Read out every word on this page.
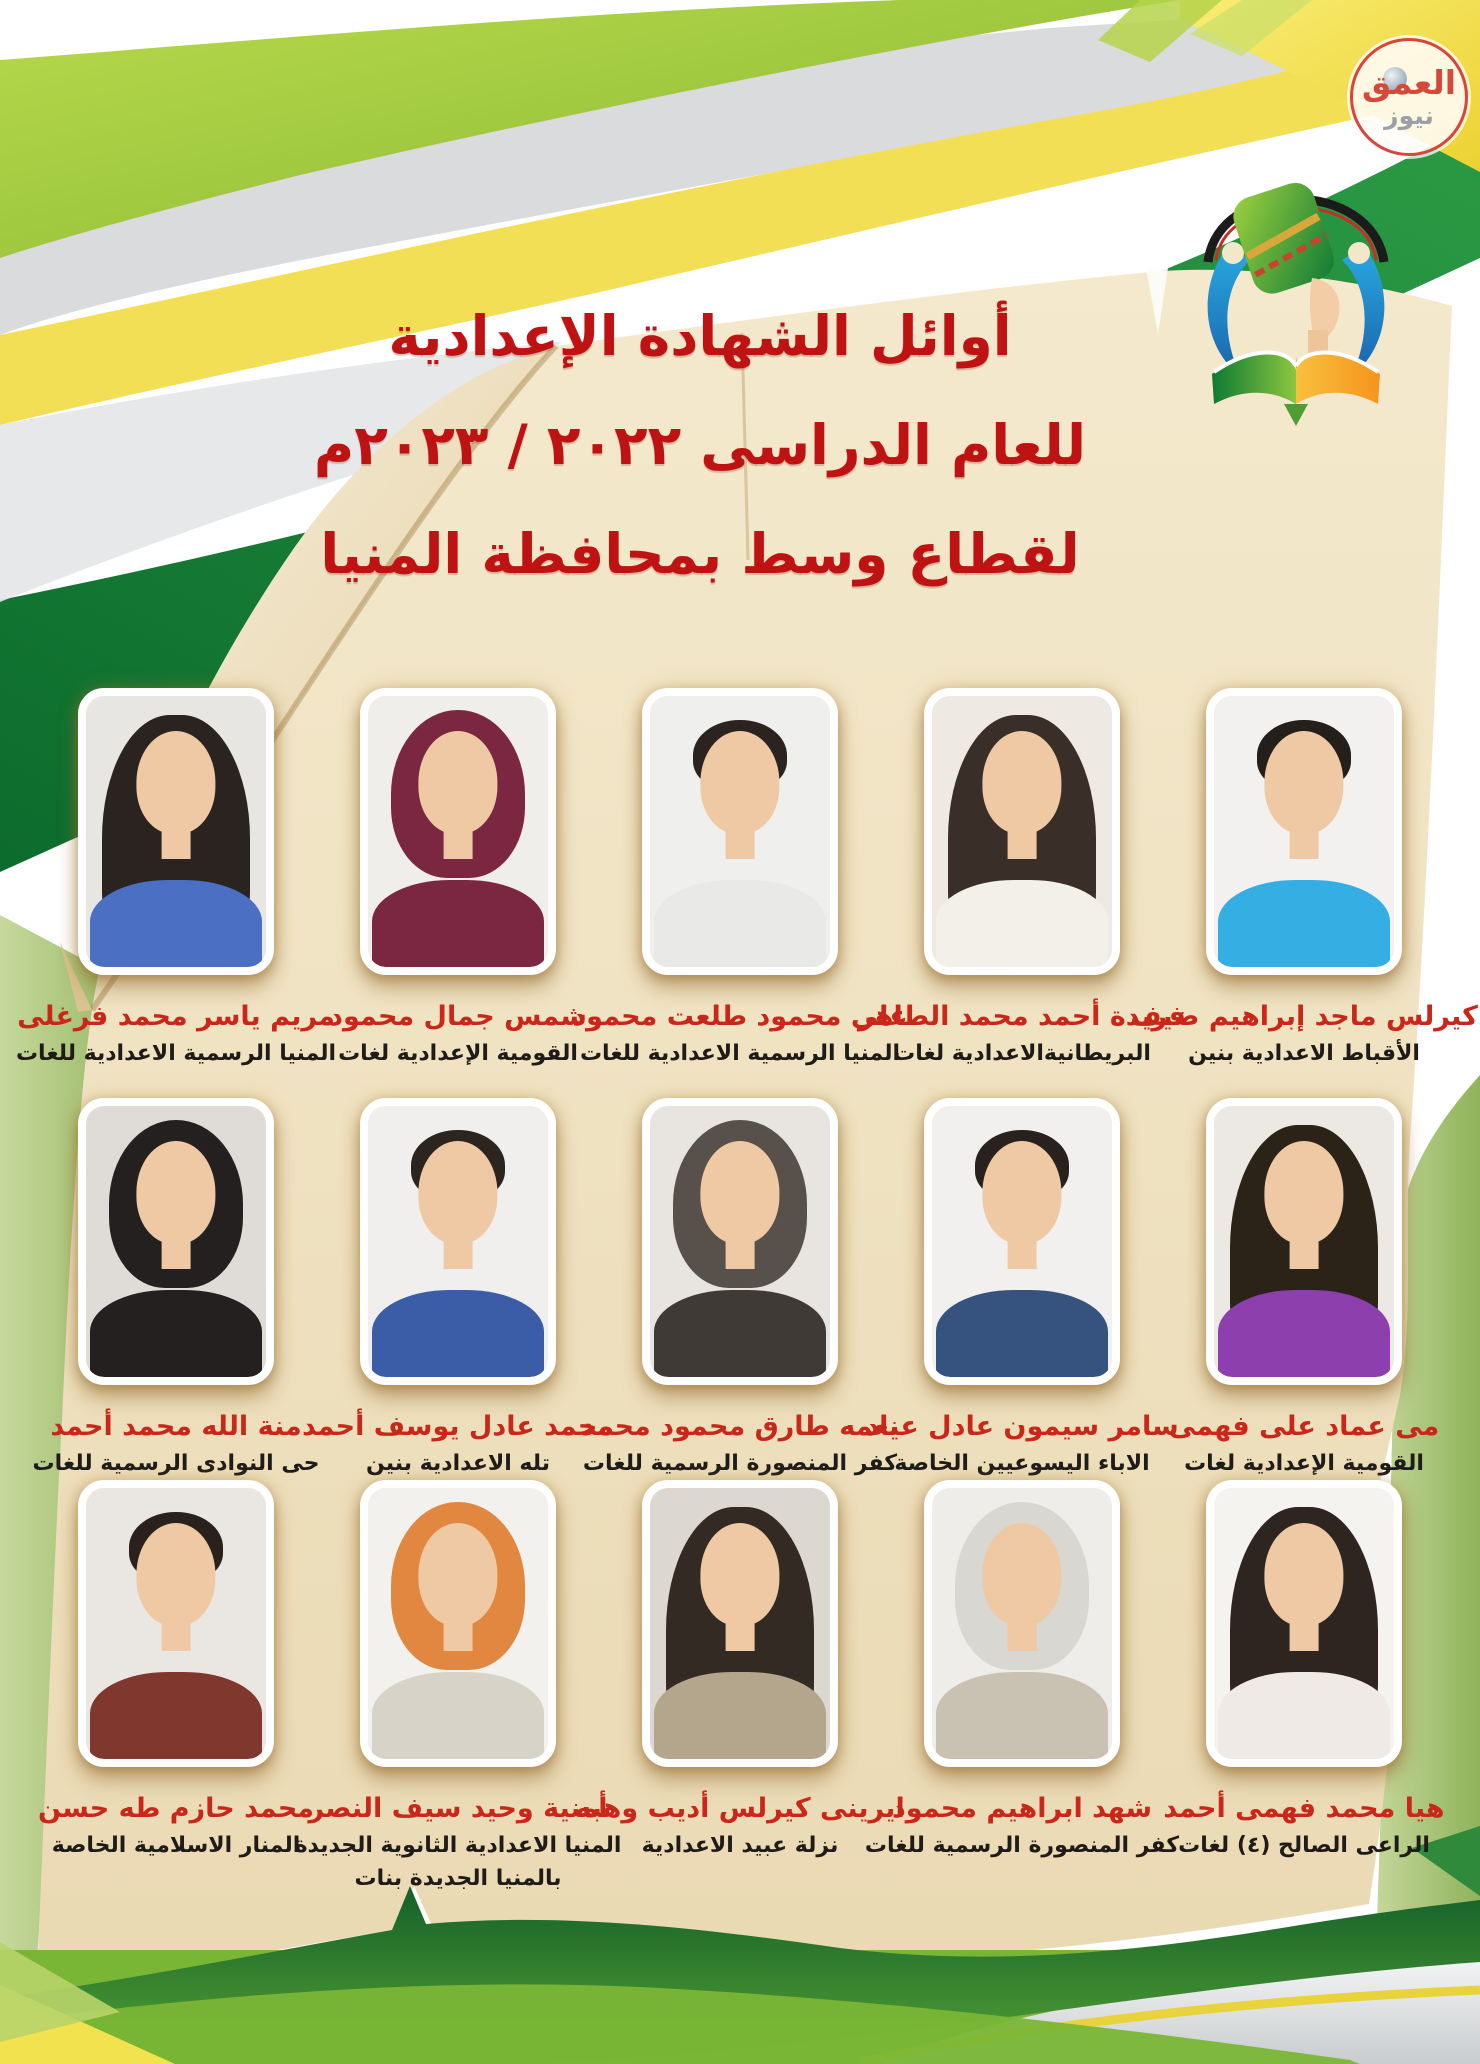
أوائل الشهادة الإعدادية
للعام الدراسى ٢٠٢٢ / ٢٠٢٣م
لقطاع وسط بمحافظة المنيا
العمق
نيوز
كيرلس ماجد إبراهيم ضيف
الأقباط الاعدادية بنين
فريدة أحمد محمد الطاهر
البريطانيةالاعدادية لغات
على محمود طلعت محمود
المنيا الرسمية الاعدادية للغات
شمس جمال محمود
القومية الإعدادية لغات
مريم ياسر محمد فرغلى
المنيا الرسمية الاعدادية للغات
مى عماد على فهمى
القومية الإعدادية لغات
سامر سيمون عادل عياد
الاباء اليسوعيين الخاصة
نعمه طارق محمود محمد
كفر المنصورة الرسمية للغات
محمد عادل يوسف أحمد
تله الاعدادية بنين
منة الله محمد أحمد
حى النوادى الرسمية للغات
هيا محمد فهمى أحمد
الراعى الصالح (٤) لغات
شهد ابراهيم محمود
كفر المنصورة الرسمية للغات
ايرينى كيرلس أديب وهبه
نزلة عبيد الاعدادية
أمنية وحيد سيف النصر
المنيا الاعدادية الثانوية الجديدة
بالمنيا الجديدة بنات
محمد حازم طه حسن
المنار الاسلامية الخاصة
